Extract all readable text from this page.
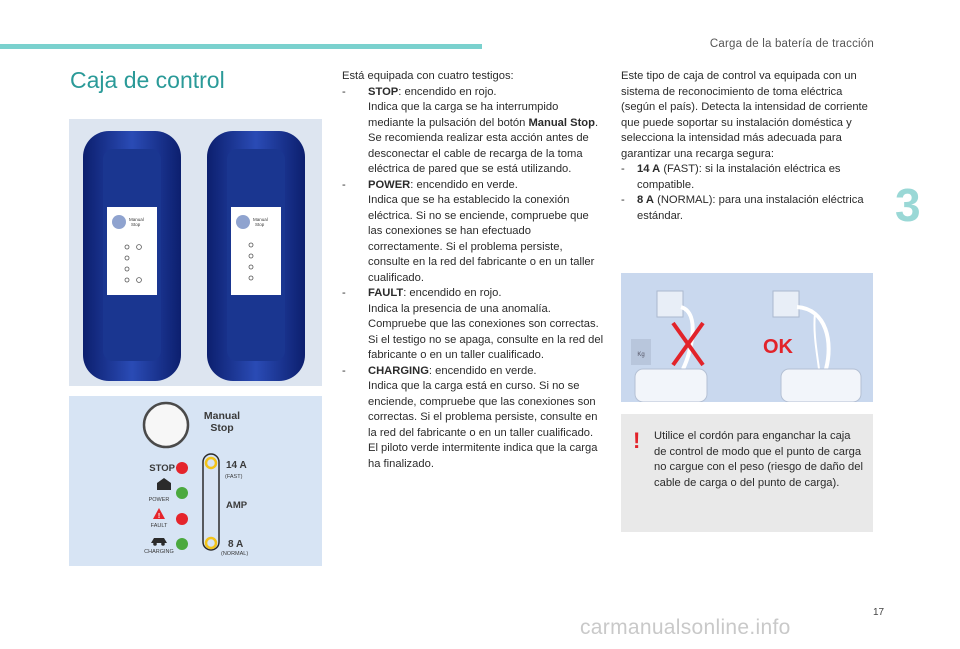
Carga de la batería de tracción
3
Caja de control
Manual
Stop
Manual
Stop
Manual
Stop
STOP
POWER
!
FAULT
CHARGING
14 A
(FAST)
AMP
8 A
(NORMAL)
Está equipada con cuatro testigos:
- STOP: encendido en rojo.
Indica que la carga se ha interrumpido mediante la pulsación del botón Manual Stop. Se recomienda realizar esta acción antes de desconectar el cable de recarga de la toma eléctrica de pared que se está utilizando.
- POWER: encendido en verde.
Indica que se ha establecido la conexión eléctrica. Si no se enciende, compruebe que las conexiones se han efectuado correctamente. Si el problema persiste, consulte en la red del fabricante o en un taller cualificado.
- FAULT: encendido en rojo.
Indica la presencia de una anomalía. Compruebe que las conexiones son correctas. Si el testigo no se apaga, consulte en la red del fabricante o en un taller cualificado.
- CHARGING: encendido en verde.
Indica que la carga está en curso. Si no se enciende, compruebe que las conexiones son correctas. Si el problema persiste, consulte en la red del fabricante o en un taller cualificado.
El piloto verde intermitente indica que la carga ha finalizado.
Este tipo de caja de control va equipada con un sistema de reconocimiento de toma eléctrica (según el país). Detecta la intensidad de corriente que puede soportar su instalación doméstica y selecciona la intensidad más adecuada para garantizar una recarga segura:
- 14 A (FAST): si la instalación eléctrica es compatible.
- 8 A (NORMAL): para una instalación eléctrica estándar.
Kg	OK
! Utilice el cordón para enganchar la caja de control de modo que el punto de carga no cargue con el peso (riesgo de daño del cable de carga o del punto de carga).
17
carmanualsonline.info
